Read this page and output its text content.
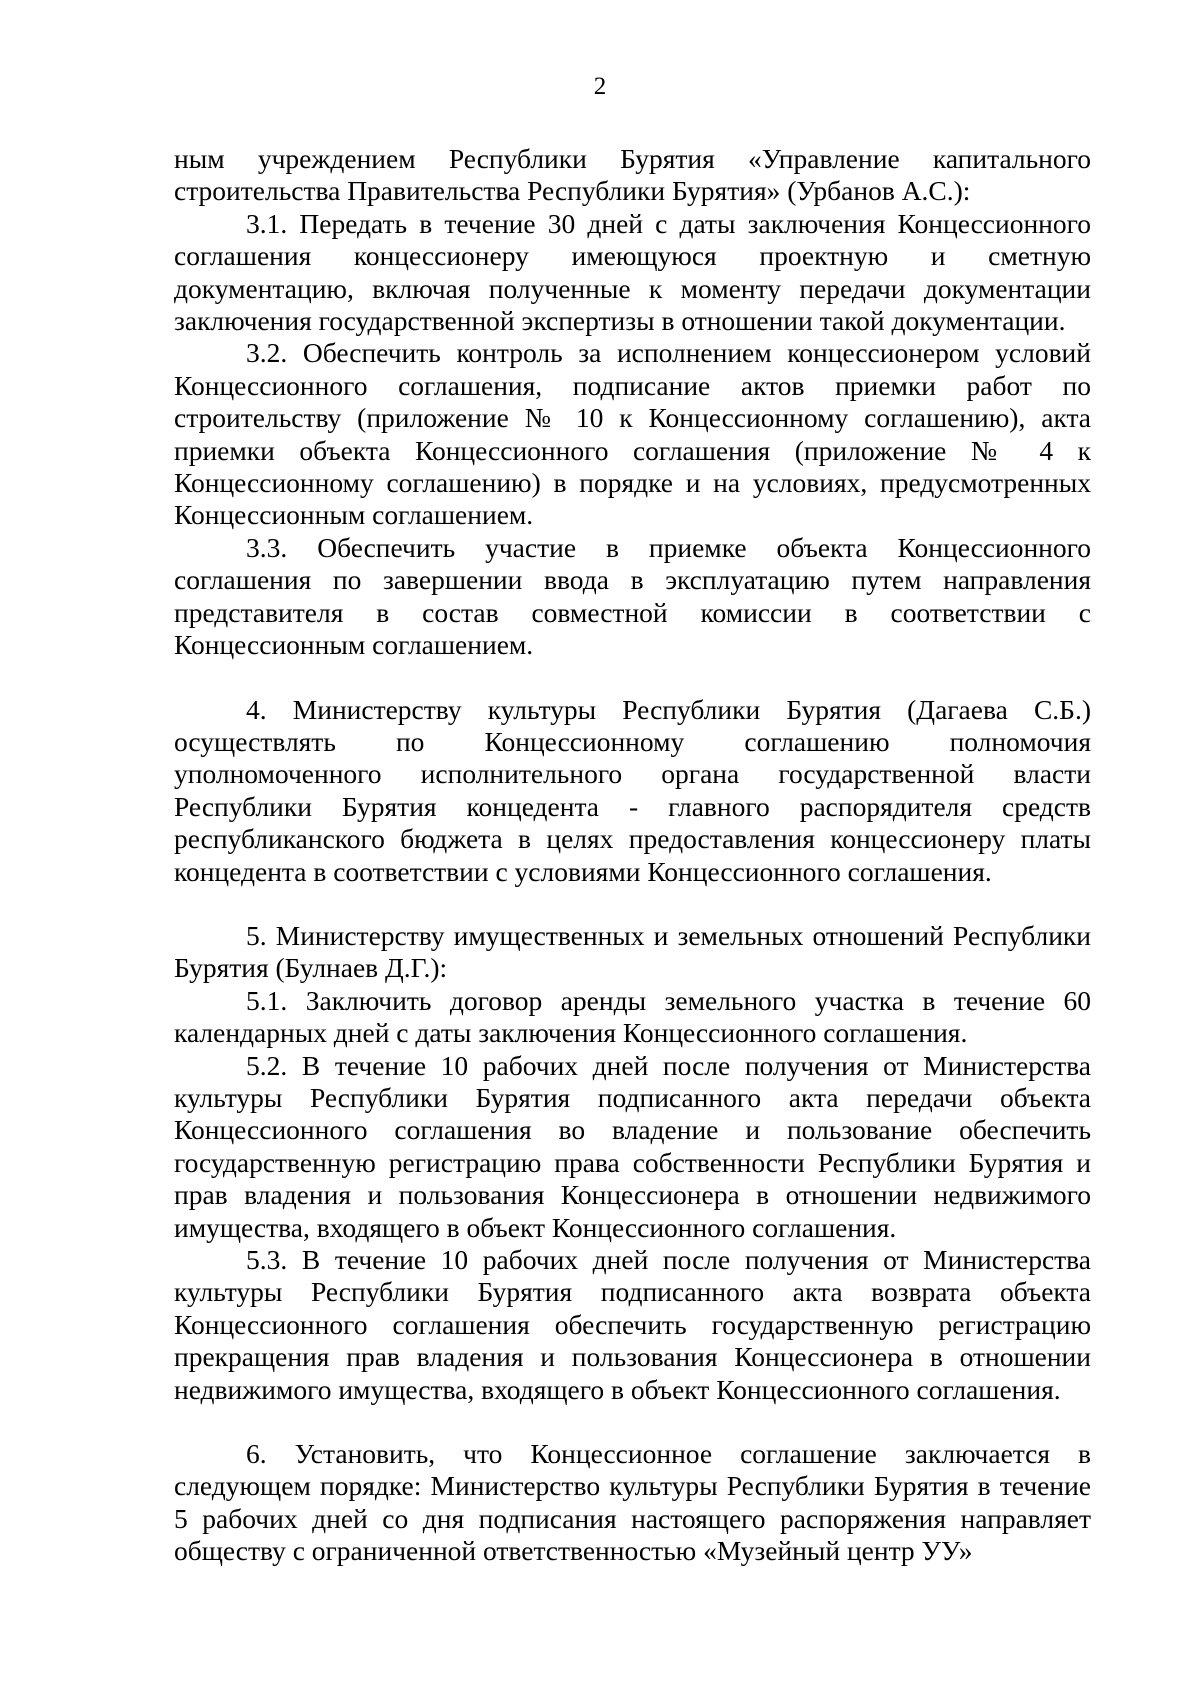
2

ным учреждением Республики Бурятия «Управление капитального строительства Правительства Республики Бурятия» (Урбанов А.С.):

3.1. Передать в течение 30 дней с даты заключения Концессионного соглашения концессионеру имеющуюся проектную и сметную документацию, включая полученные к моменту передачи документации заключения государственной экспертизы в отношении такой документации.

3.2. Обеспечить контроль за исполнением концессионером условий Концессионного соглашения, подписание актов приемки работ по строительству (приложение № 10 к Концессионному соглашению), акта приемки объекта Концессионного соглашения (приложение № 4 к Концессионному соглашению) в порядке и на условиях, предусмотренных Концессионным соглашением.

3.3. Обеспечить участие в приемке объекта Концессионного соглашения по завершении ввода в эксплуатацию путем направления представителя в состав совместной комиссии в соответствии с Концессионным соглашением.

4. Министерству культуры Республики Бурятия (Дагаева С.Б.) осуществлять по Концессионному соглашению полномочия уполномоченного исполнительного органа государственной власти Республики Бурятия концедента - главного распорядителя средств республиканского бюджета в целях предоставления концессионеру платы концедента в соответствии с условиями Концессионного соглашения.

5. Министерству имущественных и земельных отношений Республики Бурятия (Булнаев Д.Г.):

5.1. Заключить договор аренды земельного участка в течение 60 календарных дней с даты заключения Концессионного соглашения.

5.2. В течение 10 рабочих дней после получения от Министерства культуры Республики Бурятия подписанного акта передачи объекта Концессионного соглашения во владение и пользование обеспечить государственную регистрацию права собственности Республики Бурятия и прав владения и пользования Концессионера в отношении недвижимого имущества, входящего в объект Концессионного соглашения.

5.3. В течение 10 рабочих дней после получения от Министерства культуры Республики Бурятия подписанного акта возврата объекта Концессионного соглашения обеспечить государственную регистрацию прекращения прав владения и пользования Концессионера в отношении недвижимого имущества, входящего в объект Концессионного соглашения.

6. Установить, что Концессионное соглашение заключается в следующем порядке: Министерство культуры Республики Бурятия в течение 5 рабочих дней со дня подписания настоящего распоряжения направляет обществу с ограниченной ответственностью «Музейный центр УУ»
